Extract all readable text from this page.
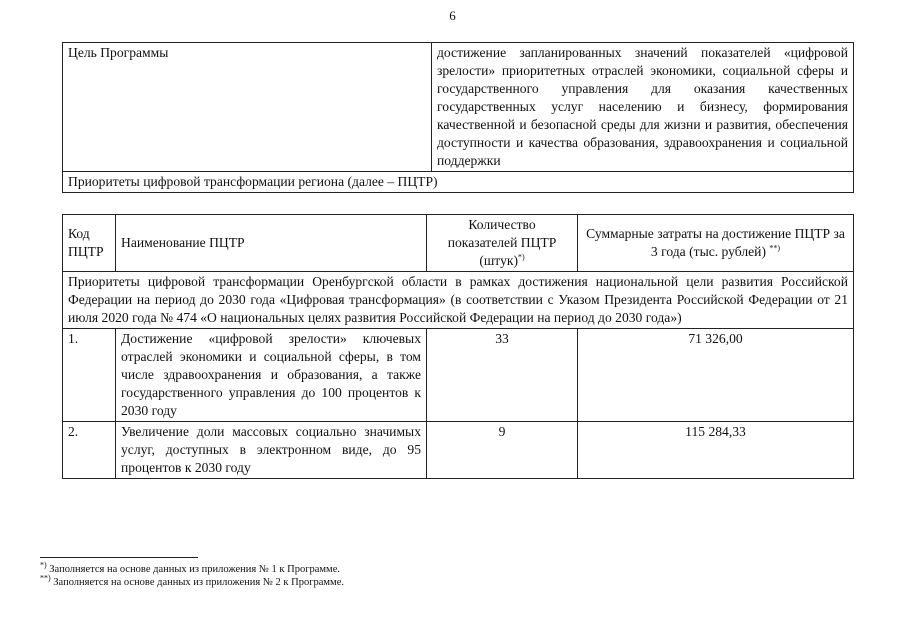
6
Цель Программы	достижение запланированных значений показателей «цифровой зрелости» приоритетных отраслей экономики, социальной сферы и государственного управления для оказания качественных государственных услуг населению и бизнесу, формирования качественной и безопасной среды для жизни и развития, обеспечения доступности и качества образования, здравоохранения и социальной поддержки
Приоритеты цифровой трансформации региона (далее – ПЦТР)
Код ПЦТР	Наименование ПЦТР	Количество показателей ПЦТР (штук)*)	Суммарные затраты на достижение ПЦТР за 3 года (тыс. рублей) **)
Приоритеты цифровой трансформации Оренбургской области в рамках достижения национальной цели развития Российской Федерации на период до 2030 года «Цифровая трансформация» (в соответствии с Указом Президента Российской Федерации от 21 июля 2020 года № 474 «О национальных целях развития Российской Федерации на период до 2030 года»)			
1.	Достижение «цифровой зрелости» ключевых отраслей экономики и социальной сферы, в том числе здравоохранения и образования, а также государственного управления до 100 процентов к 2030 году	33	71 326,00
2.	Увеличение доли массовых социально значимых услуг, доступных в электронном виде, до 95 процентов к 2030 году	9	115 284,33
*) Заполняется на основе данных из приложения № 1 к Программе.
**) Заполняется на основе данных из приложения № 2 к Программе.
